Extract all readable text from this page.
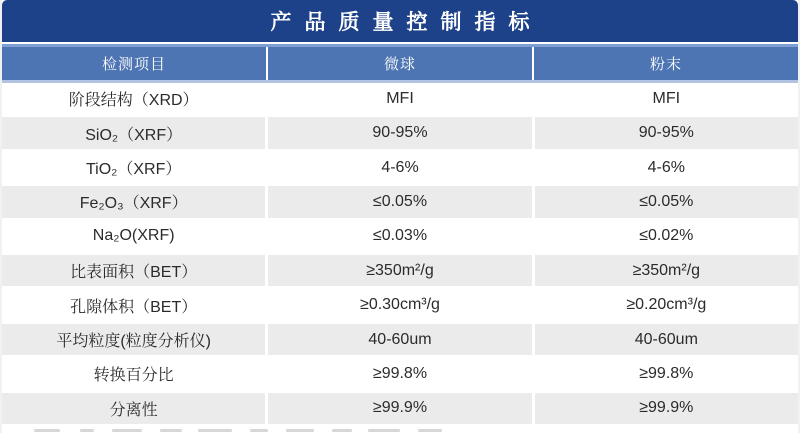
产品质量控制指标
检测项目	微球	粉末
阶段结构（XRD）	MFI	MFI
SiO₂（XRF）	90-95%	90-95%
TiO₂（XRF）	4-6%	4-6%
Fe₂O₃（XRF）	≤0.05%	≤0.05%
Na₂O(XRF)	≤0.03%	≤0.02%
比表面积（BET）	≥350m²/g	≥350m²/g
孔隙体积（BET）	≥0.30cm³/g	≥0.20cm³/g
平均粒度(粒度分析仪)	40-60um	40-60um
转换百分比	≥99.8%	≥99.8%
分离性	≥99.9%	≥99.9%
